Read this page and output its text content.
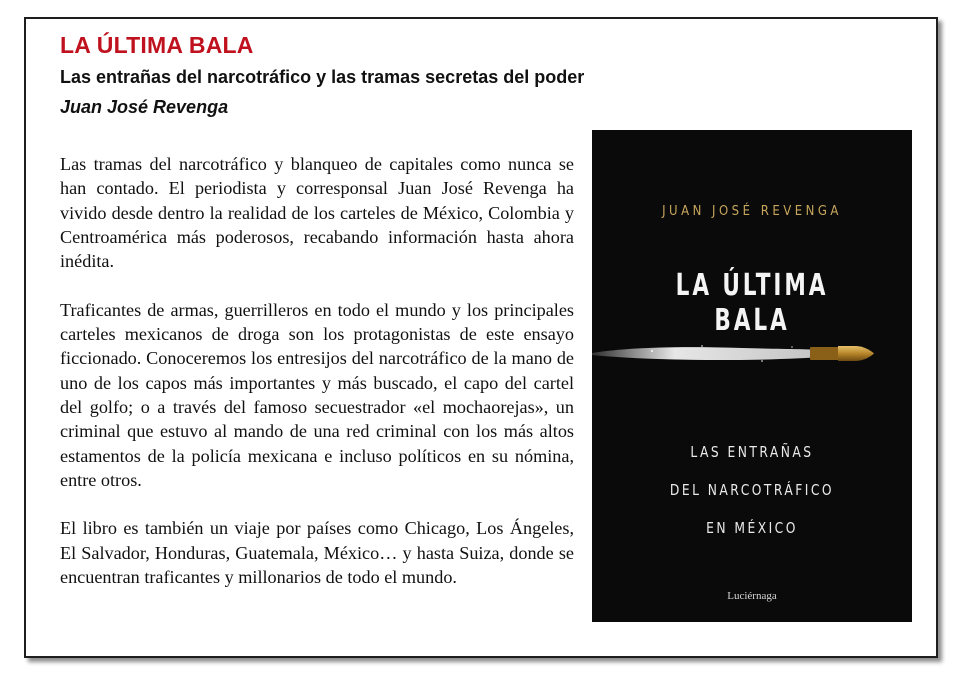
LA ÚLTIMA BALA
Las entrañas del narcotráfico y las tramas secretas del poder
Juan José Revenga

Las tramas del narcotráfico y blanqueo de capitales como nunca se han contado. El periodista y corresponsal Juan José Revenga ha vivido desde dentro la realidad de los carteles de México, Colombia y Centroamérica más poderosos, recabando información hasta ahora inédita.

Traficantes de armas, guerrilleros en todo el mundo y los principales carteles mexicanos de droga son los protagonistas de este ensayo ficcionado. Conoceremos los entresijos del narcotráfico de la mano de uno de los capos más importantes y más buscado, el capo del cartel del golfo; o a través del famoso secuestrador «el mochaorejas», un criminal que estuvo al mando de una red criminal con los más altos estamentos de la policía mexicana e incluso políticos en su nómina, entre otros.

El libro es también un viaje por países como Chicago, Los Ángeles, El Salvador, Honduras, Guatemala, México… y hasta Suiza, donde se encuentran traficantes y millonarios de todo el mundo.

JUAN JOSÉ REVENGA
LA ÚLTIMA BALA
LAS ENTRAÑAS
DEL NARCOTRÁFICO
EN MÉXICO
Luciérnaga
